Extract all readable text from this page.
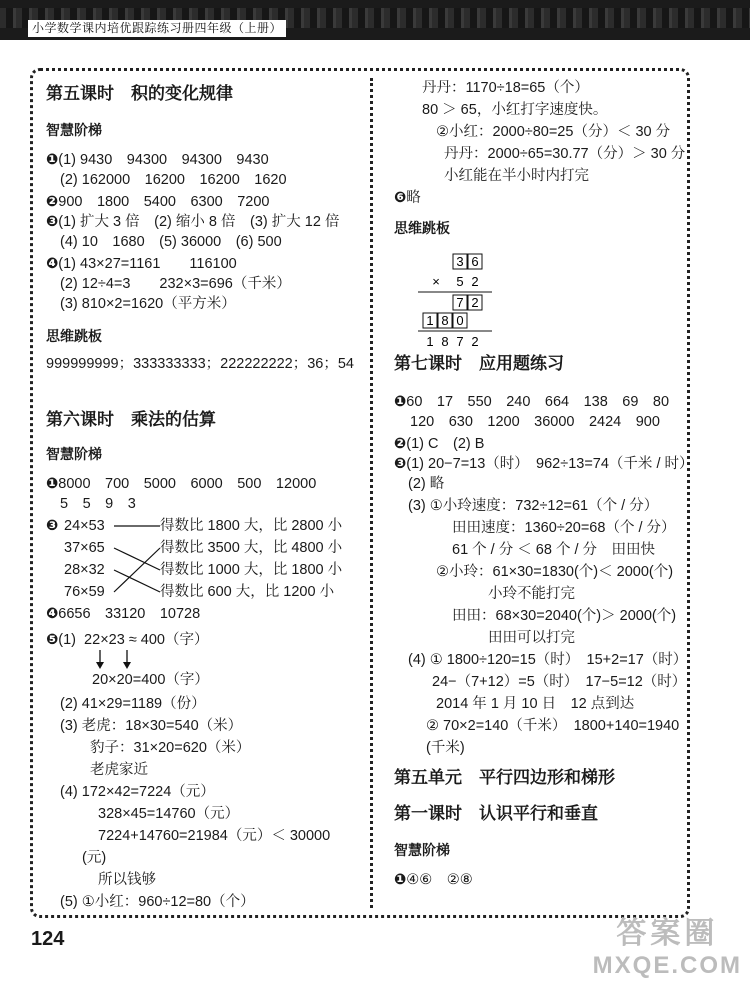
小学数学课内培优跟踪练习册四年级（上册）
第五课时　积的变化规律
智慧阶梯
❶(1) 9430　94300　94300　9430
(2) 162000　16200　16200　1620
❷900　1800　5400　6300　7200
❸(1) 扩大 3 倍　(2) 缩小 8 倍　(3) 扩大 12 倍
(4) 10　1680　(5) 36000　(6) 500
❹(1) 43×27=1161　　116100
(2) 12÷4=3　　232×3=696（千米）
(3) 810×2=1620（平方米）
思维跳板
999999999；333333333；222222222；36；54
第六课时　乘法的估算
智慧阶梯
❶8000　700　5000　6000　500　12000
5　5　9　3
❸ 24×53
37×65
28×32
76×59
得数比 1800 大，比 2800 小
得数比 3500 大，比 4800 小
得数比 1000 大，比 1800 小
得数比 600 大，比 1200 小
❹6656　33120　10728
❺(1)  22×23 ≈ 400（字）
20×20=400（字）
(2) 41×29=1189（份）
(3) 老虎：18×30=540（米）
豹子：31×20=620（米）
老虎家近
(4) 172×42=7224（元）
328×45=14760（元）
7224+14760=21984（元）＜ 30000
(元)
所以钱够
(5) ①小红：960÷12=80（个）
丹丹：1170÷18=65（个）
80 ＞ 65，小红打字速度快。
②小红：2000÷80=25（分）＜ 30 分
丹丹：2000÷65=30.77（分）＞ 30 分
小红能在半小时内打完
❻略
思维跳板
3 6
× 5 2
7 2
1 8 0
1 8 7 2
第七课时　应用题练习
❶60　17　550　240　664　138　69　80
120　630　1200　36000　2424　900
❷(1) C　(2) B
❸(1) 20−7=13（时）　962÷13=74（千米 / 时）
(2) 略
(3) ①小玲速度：732÷12=61（个 / 分）
田田速度：1360÷20=68（个 / 分）
61 个 / 分 ＜ 68 个 / 分　田田快
②小玲：61×30=1830(个)＜ 2000(个)
小玲不能打完
田田：68×30=2040(个)＞ 2000(个)
田田可以打完
(4) ① 1800÷120=15（时）　15+2=17（时）
24−（7+12）=5（时）　17−5=12（时）
2014 年 1 月 10 日　12 点到达
② 70×2=140（千米）　1800+140=1940
(千米)
第五单元　平行四边形和梯形
第一课时　认识平行和垂直
智慧阶梯
❶④⑥　 ②⑧
124	答案圈
MXQE.COM
